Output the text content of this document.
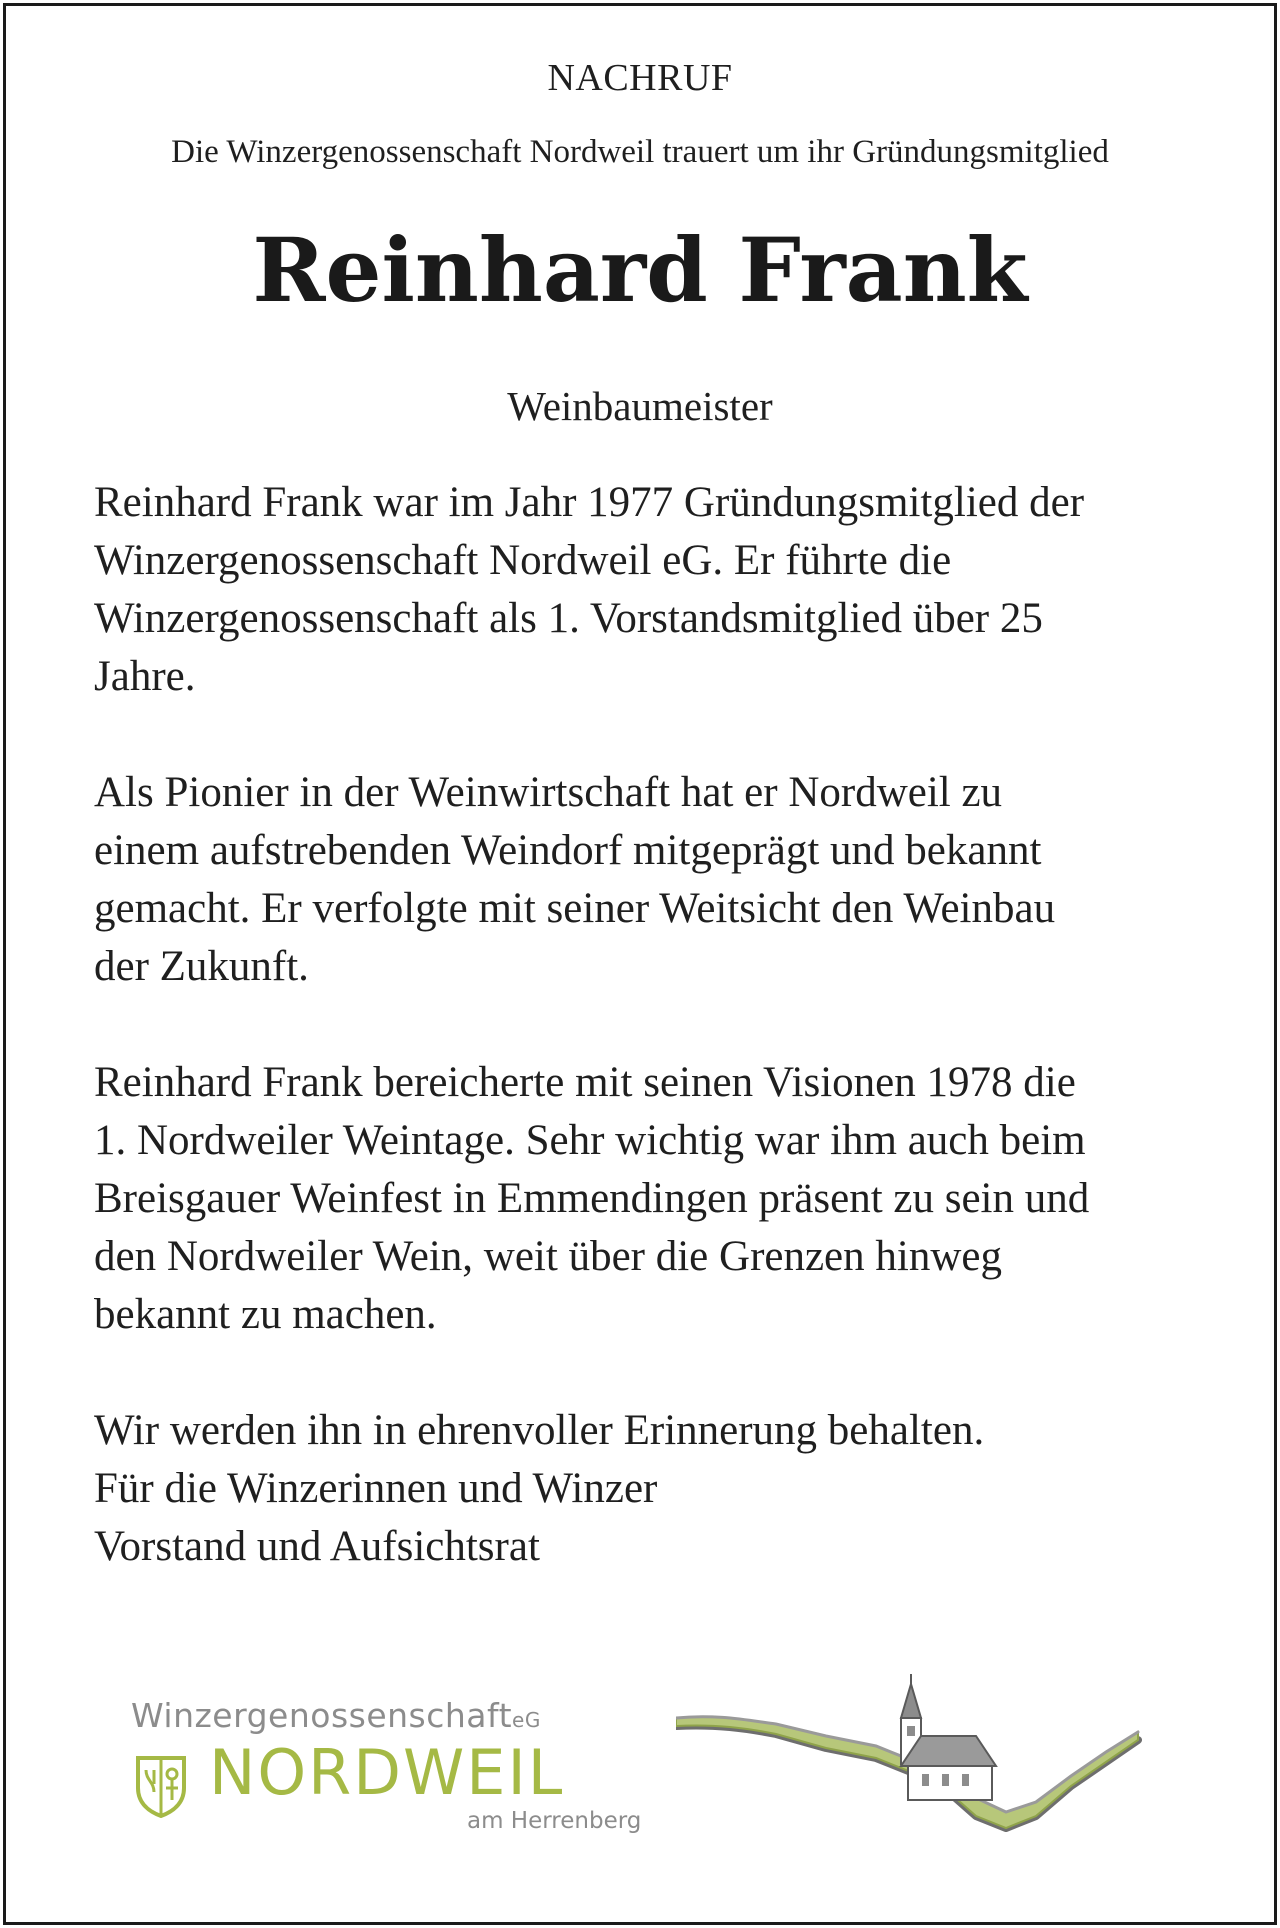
NACHRUF
Die Winzergenossenschaft Nordweil trauert um ihr Gründungsmitglied
Reinhard Frank
Weinbaumeister

Reinhard Frank war im Jahr 1977 Gründungsmitglied der
Winzergenossenschaft Nordweil eG. Er führte die
Winzergenossenschaft als 1. Vorstandsmitglied über 25
Jahre.

Als Pionier in der Weinwirtschaft hat er Nordweil zu
einem aufstrebenden Weindorf mitgeprägt und bekannt
gemacht. Er verfolgte mit seiner Weitsicht den Weinbau
der Zukunft.

Reinhard Frank bereicherte mit seinen Visionen 1978 die
1. Nordweiler Weintage. Sehr wichtig war ihm auch beim
Breisgauer Weinfest in Emmendingen präsent zu sein und
den Nordweiler Wein, weit über die Grenzen hinweg
bekannt zu machen.

Wir werden ihn in ehrenvoller Erinnerung behalten.
Für die Winzerinnen und Winzer
Vorstand und Aufsichtsrat

WinzergenossenschafteG
NORDWEIL
am Herrenberg
